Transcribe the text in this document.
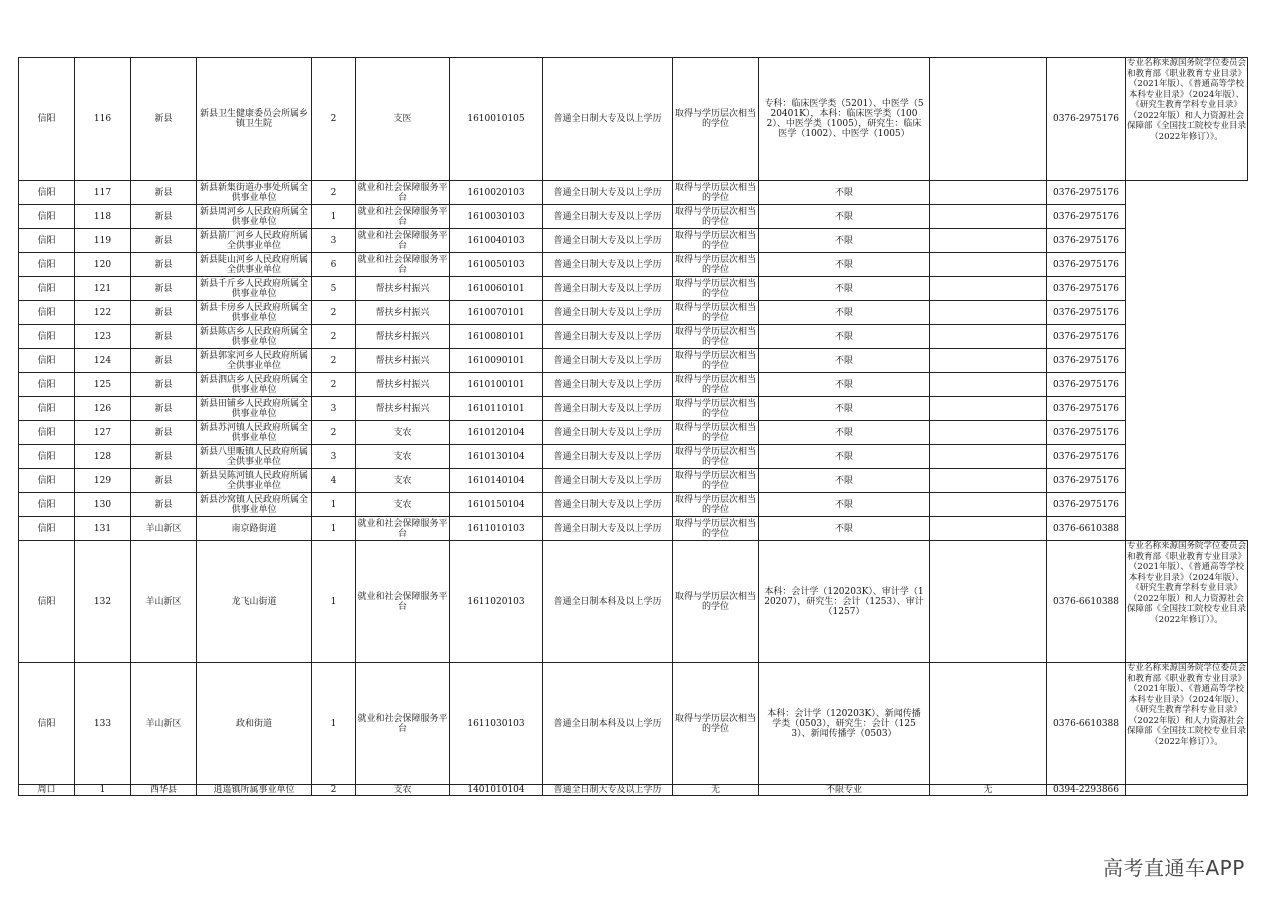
信阳	116	新县	新县卫生健康委员会所属乡镇卫生院	2	支医	1610010105	普通全日制大专及以上学历	取得与学历层次相当的学位	专科：临床医学类（5201）、中医学（520401K），本科：临床医学类（1002）、中医学类（1005），研究生：临床医学（1002）、中医学（1005）		0376-2975176	专业名称来源国务院学位委员会和教育部《职业教育专业目录》（2021年版）、《普通高等学校本科专业目录》（2024年版）、《研究生教育学科专业目录》（2022年版）和人力资源社会保障部《全国技工院校专业目录（2022年修订）》。
信阳	117	新县	新县新集街道办事处所属全供事业单位	2	就业和社会保障服务平台	1610020103	普通全日制大专及以上学历	取得与学历层次相当的学位	不限		0376-2975176	
信阳	118	新县	新县周河乡人民政府所属全供事业单位	1	就业和社会保障服务平台	1610030103	普通全日制大专及以上学历	取得与学历层次相当的学位	不限		0376-2975176	
信阳	119	新县	新县箭厂河乡人民政府所属全供事业单位	3	就业和社会保障服务平台	1610040103	普通全日制大专及以上学历	取得与学历层次相当的学位	不限		0376-2975176	
信阳	120	新县	新县陡山河乡人民政府所属全供事业单位	6	就业和社会保障服务平台	1610050103	普通全日制大专及以上学历	取得与学历层次相当的学位	不限		0376-2975176	
信阳	121	新县	新县千斤乡人民政府所属全供事业单位	5	帮扶乡村振兴	1610060101	普通全日制大专及以上学历	取得与学历层次相当的学位	不限		0376-2975176	
信阳	122	新县	新县卡房乡人民政府所属全供事业单位	2	帮扶乡村振兴	1610070101	普通全日制大专及以上学历	取得与学历层次相当的学位	不限		0376-2975176	
信阳	123	新县	新县陈店乡人民政府所属全供事业单位	2	帮扶乡村振兴	1610080101	普通全日制大专及以上学历	取得与学历层次相当的学位	不限		0376-2975176	
信阳	124	新县	新县郭家河乡人民政府所属全供事业单位	2	帮扶乡村振兴	1610090101	普通全日制大专及以上学历	取得与学历层次相当的学位	不限		0376-2975176	
信阳	125	新县	新县泗店乡人民政府所属全供事业单位	2	帮扶乡村振兴	1610100101	普通全日制大专及以上学历	取得与学历层次相当的学位	不限		0376-2975176	
信阳	126	新县	新县田铺乡人民政府所属全供事业单位	3	帮扶乡村振兴	1610110101	普通全日制大专及以上学历	取得与学历层次相当的学位	不限		0376-2975176	
信阳	127	新县	新县苏河镇人民政府所属全供事业单位	2	支农	1610120104	普通全日制大专及以上学历	取得与学历层次相当的学位	不限		0376-2975176	
信阳	128	新县	新县八里畈镇人民政府所属全供事业单位	3	支农	1610130104	普通全日制大专及以上学历	取得与学历层次相当的学位	不限		0376-2975176	
信阳	129	新县	新县吴陈河镇人民政府所属全供事业单位	4	支农	1610140104	普通全日制大专及以上学历	取得与学历层次相当的学位	不限		0376-2975176	
信阳	130	新县	新县沙窝镇人民政府所属全供事业单位	1	支农	1610150104	普通全日制大专及以上学历	取得与学历层次相当的学位	不限		0376-2975176	
信阳	131	羊山新区	南京路街道	1	就业和社会保障服务平台	1611010103	普通全日制大专及以上学历	取得与学历层次相当的学位	不限		0376-6610388	
信阳	132	羊山新区	龙飞山街道	1	就业和社会保障服务平台	1611020103	普通全日制本科及以上学历	取得与学历层次相当的学位	本科：会计学（120203K）、审计学（120207），研究生：会计（1253）、审计（1257）		0376-6610388	专业名称来源国务院学位委员会和教育部《职业教育专业目录》（2021年版）、《普通高等学校本科专业目录》（2024年版）、《研究生教育学科专业目录》（2022年版）和人力资源社会保障部《全国技工院校专业目录（2022年修订）》。
信阳	133	羊山新区	政和街道	1	就业和社会保障服务平台	1611030103	普通全日制本科及以上学历	取得与学历层次相当的学位	本科：会计学（120203K）、新闻传播学类（0503），研究生：会计（1253）、新闻传播学（0503）		0376-6610388	专业名称来源国务院学位委员会和教育部《职业教育专业目录》（2021年版）、《普通高等学校本科专业目录》（2024年版）、《研究生教育学科专业目录》（2022年版）和人力资源社会保障部《全国技工院校专业目录（2022年修订）》。
周口	1	西华县	逍遥镇所属事业单位	2	支农	1401010104	普通全日制大专及以上学历	无	不限专业	无	0394-2293866	
高考直通车APP
